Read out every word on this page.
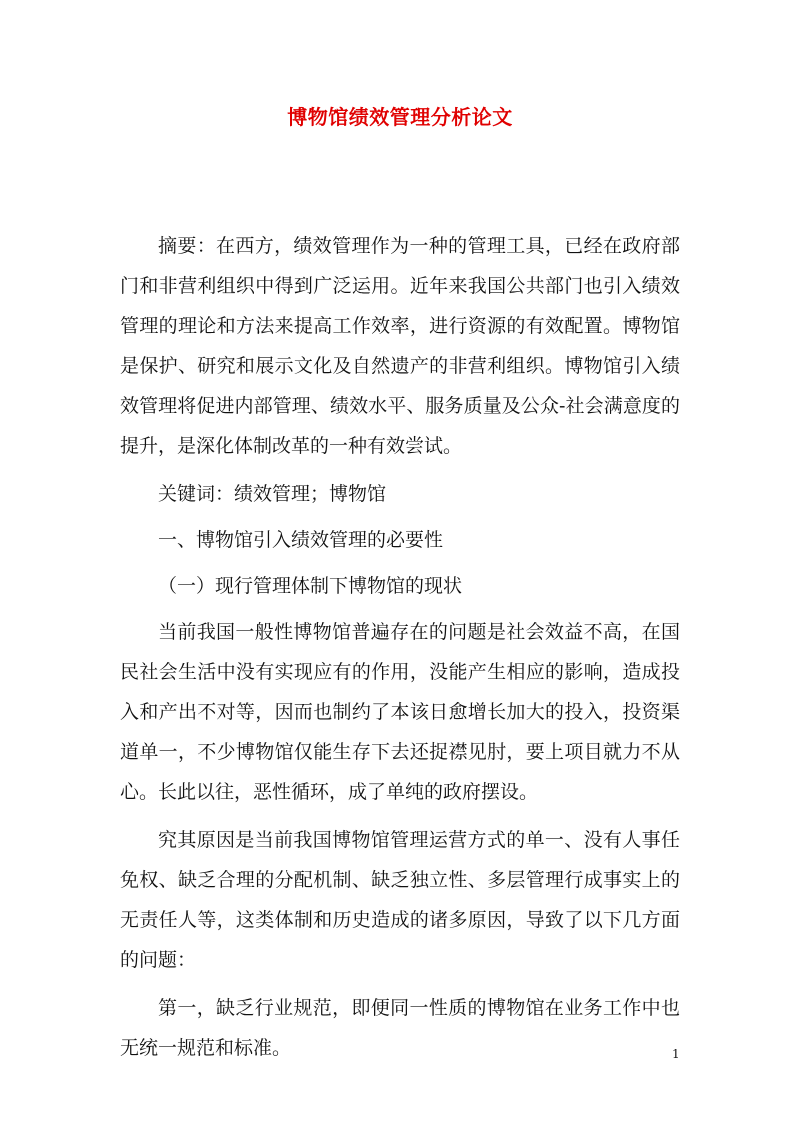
博物馆绩效管理分析论文

摘要：在西方，绩效管理作为一种的管理工具，已经在政府部门和非营利组织中得到广泛运用。近年来我国公共部门也引入绩效管理的理论和方法来提高工作效率，进行资源的有效配置。博物馆是保护、研究和展示文化及自然遗产的非营利组织。博物馆引入绩效管理将促进内部管理、绩效水平、服务质量及公众-社会满意度的提升，是深化体制改革的一种有效尝试。

关键词：绩效管理；博物馆

一、博物馆引入绩效管理的必要性

（一）现行管理体制下博物馆的现状

当前我国一般性博物馆普遍存在的问题是社会效益不高，在国民社会生活中没有实现应有的作用，没能产生相应的影响，造成投入和产出不对等，因而也制约了本该日愈增长加大的投入，投资渠道单一，不少博物馆仅能生存下去还捉襟见肘，要上项目就力不从心。长此以往，恶性循环，成了单纯的政府摆设。

究其原因是当前我国博物馆管理运营方式的单一、没有人事任免权、缺乏合理的分配机制、缺乏独立性、多层管理行成事实上的无责任人等，这类体制和历史造成的诸多原因，导致了以下几方面的问题：

第一，缺乏行业规范，即便同一性质的博物馆在业务工作中也无统一规范和标准。	1
